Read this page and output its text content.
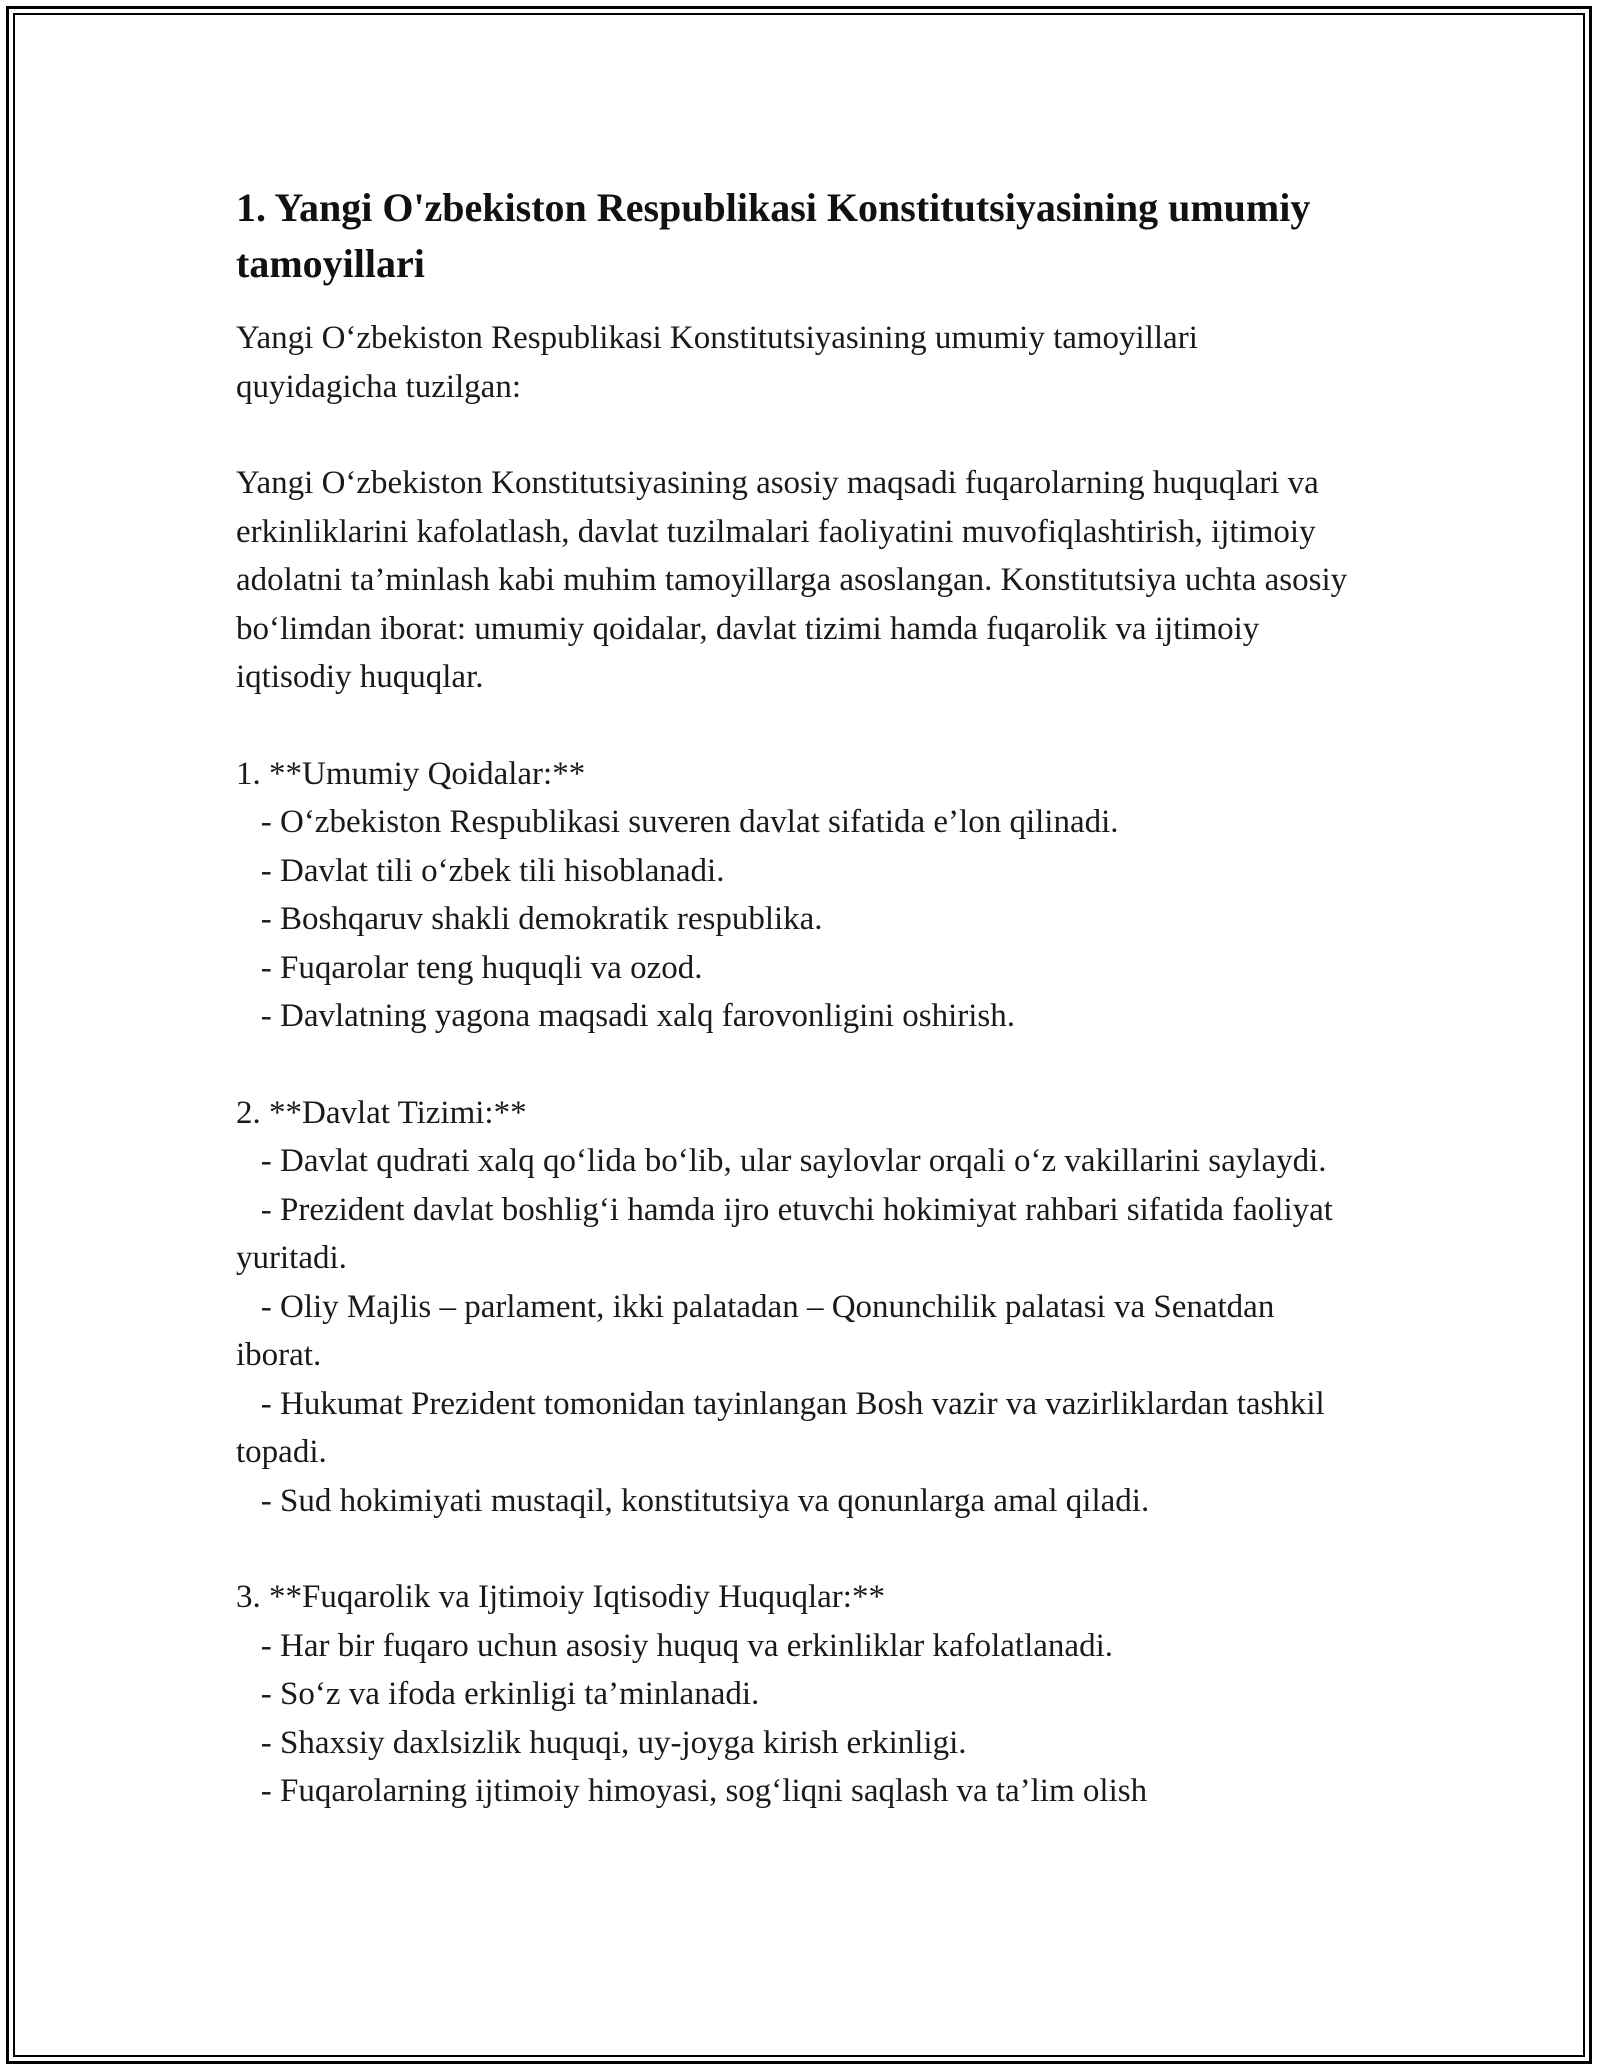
1. Yangi O'zbekiston Respublikasi Konstitutsiyasining umumiy tamoyillari

Yangi O‘zbekiston Respublikasi Konstitutsiyasining umumiy tamoyillari quyidagicha tuzilgan:

Yangi O‘zbekiston Konstitutsiyasining asosiy maqsadi fuqarolarning huquqlari va erkinliklarini kafolatlash, davlat tuzilmalari faoliyatini muvofiqlashtirish, ijtimoiy adolatni ta’minlash kabi muhim tamoyillarga asoslangan. Konstitutsiya uchta asosiy bo‘limdan iborat: umumiy qoidalar, davlat tizimi hamda fuqarolik va ijtimoiy iqtisodiy huquqlar.

1. **Umumiy Qoidalar:**
- O‘zbekiston Respublikasi suveren davlat sifatida e’lon qilinadi.
- Davlat tili o‘zbek tili hisoblanadi.
- Boshqaruv shakli demokratik respublika.
- Fuqarolar teng huquqli va ozod.
- Davlatning yagona maqsadi xalq farovonligini oshirish.
2. **Davlat Tizimi:**
- Davlat qudrati xalq qo‘lida bo‘lib, ular saylovlar orqali o‘z vakillarini saylaydi.
- Prezident davlat boshlig‘i hamda ijro etuvchi hokimiyat rahbari sifatida faoliyat yuritadi.
- Oliy Majlis – parlament, ikki palatadan – Qonunchilik palatasi va Senatdan iborat.
- Hukumat Prezident tomonidan tayinlangan Bosh vazir va vazirliklardan tashkil topadi.
- Sud hokimiyati mustaqil, konstitutsiya va qonunlarga amal qiladi.
3. **Fuqarolik va Ijtimoiy Iqtisodiy Huquqlar:**
- Har bir fuqaro uchun asosiy huquq va erkinliklar kafolatlanadi.
- So‘z va ifoda erkinligi ta’minlanadi.
- Shaxsiy daxlsizlik huquqi, uy-joyga kirish erkinligi.
- Fuqarolarning ijtimoiy himoyasi, sog‘liqni saqlash va ta’lim olish
